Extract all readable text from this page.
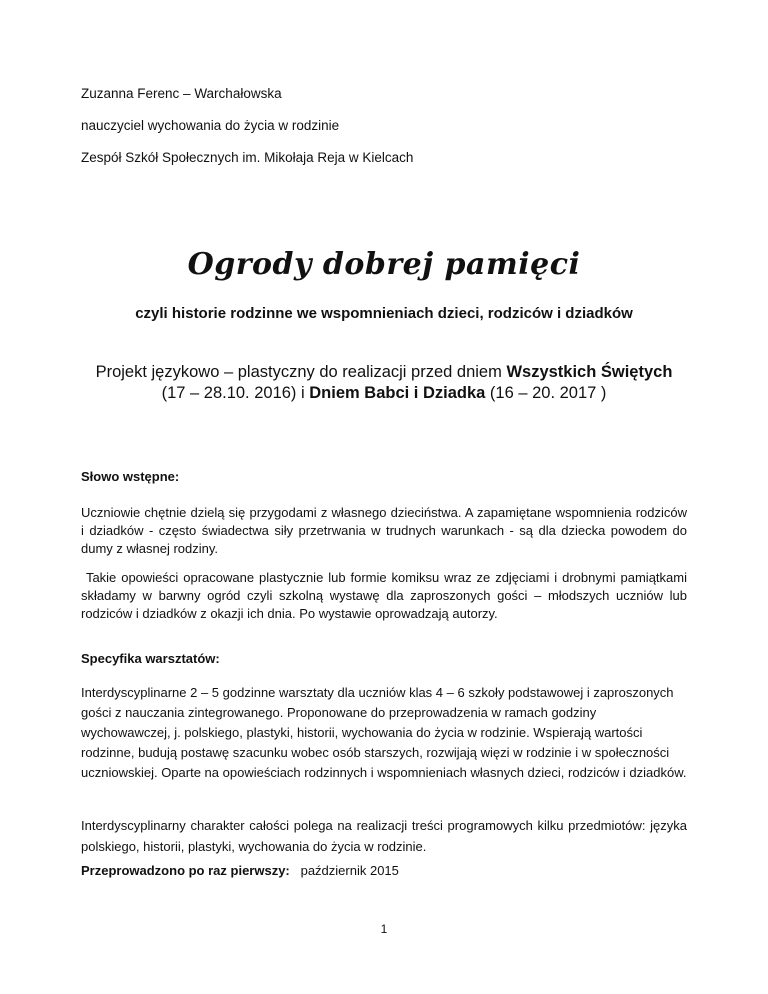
Zuzanna Ferenc – Warchałowska
nauczyciel wychowania do życia w rodzinie
Zespół Szkół Społecznych im. Mikołaja Reja w Kielcach
Ogrody dobrej pamięci
czyli historie rodzinne we wspomnieniach dzieci, rodziców i dziadków
Projekt językowo – plastyczny do realizacji przed dniem Wszystkich Świętych
(17 – 28.10. 2016) i Dniem Babci i Dziadka (16 – 20. 2017 )
Słowo wstępne:
Uczniowie chętnie dzielą się przygodami z własnego dzieciństwa. A zapamiętane wspomnienia rodziców i dziadków - często świadectwa siły przetrwania w trudnych warunkach - są dla dziecka powodem do dumy z własnej rodziny.
Takie opowieści opracowane plastycznie lub formie komiksu wraz ze zdjęciami i drobnymi pamiątkami składamy w barwny ogród czyli szkolną wystawę dla zaproszonych gości – młodszych uczniów lub rodziców i dziadków z okazji ich dnia. Po wystawie oprowadzają autorzy.
Specyfika warsztatów:
Interdyscyplinarne 2 – 5 godzinne warsztaty dla uczniów klas 4 – 6 szkoły podstawowej i zaproszonych gości z nauczania zintegrowanego. Proponowane do przeprowadzenia w ramach godziny wychowawczej, j. polskiego, plastyki, historii, wychowania do życia w rodzinie. Wspierają wartości rodzinne, budują postawę szacunku wobec osób starszych, rozwijają więzi w rodzinie i w społeczności uczniowskiej. Oparte na opowieściach rodzinnych i wspomnieniach własnych dzieci, rodziców i dziadków.
Interdyscyplinarny charakter całości polega na realizacji treści programowych kilku przedmiotów: języka polskiego, historii, plastyki, wychowania do życia w rodzinie.
Przeprowadzono po raz pierwszy:   październik 2015
1
